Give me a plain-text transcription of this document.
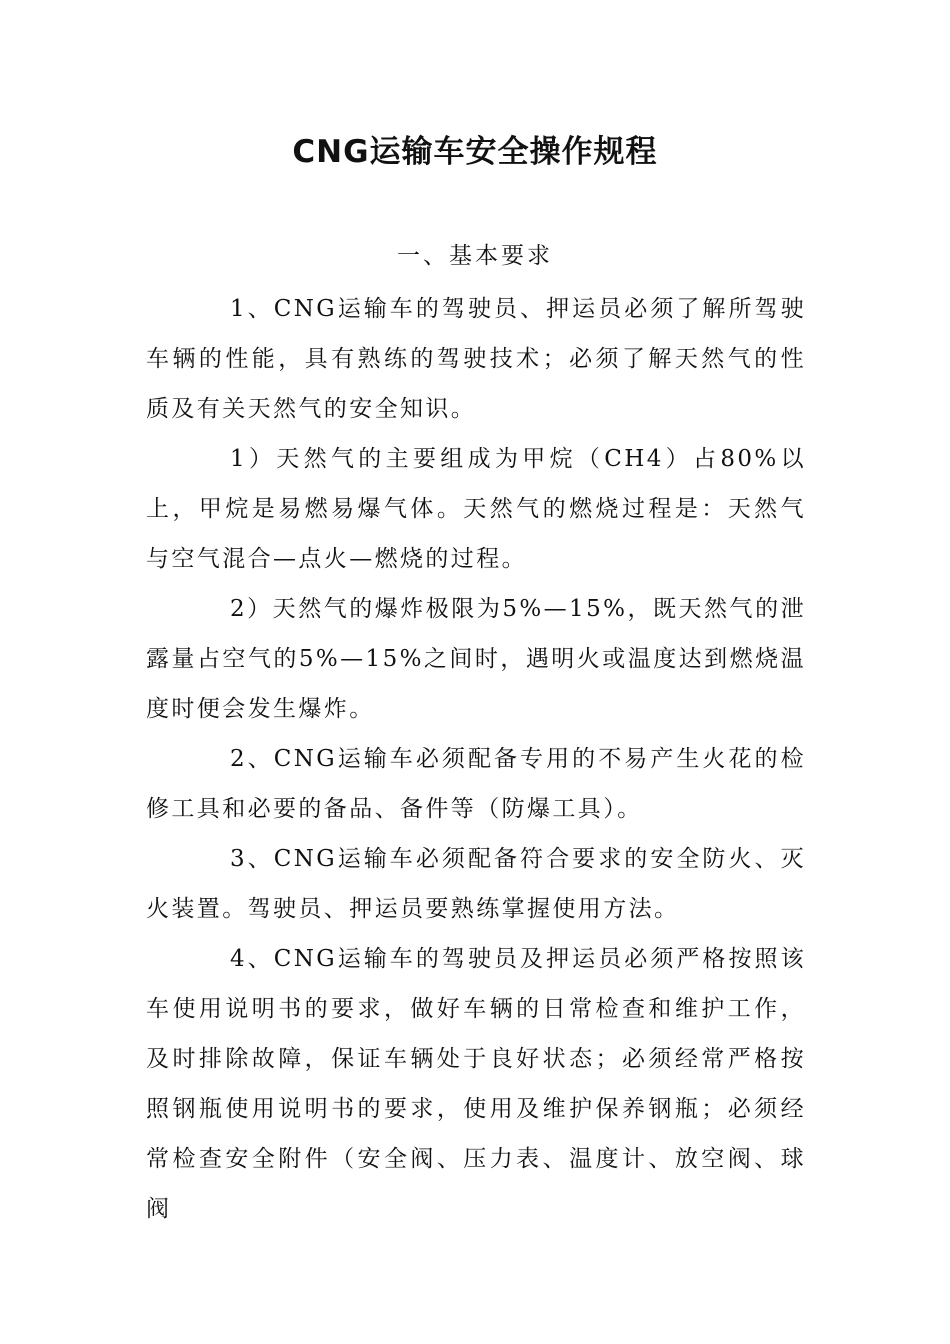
CNG运输车安全操作规程
一、基本要求

1、CNG运输车的驾驶员、押运员必须了解所驾驶车辆的性能，具有熟练的驾驶技术；必须了解天然气的性质及有关天然气的安全知识。

1）天然气的主要组成为甲烷（CH4）占80%以上，甲烷是易燃易爆气体。天然气的燃烧过程是：天然气与空气混合—点火—燃烧的过程。

2）天然气的爆炸极限为5%—15%，既天然气的泄露量占空气的5%—15%之间时，遇明火或温度达到燃烧温度时便会发生爆炸。

2、CNG运输车必须配备专用的不易产生火花的检修工具和必要的备品、备件等（防爆工具）。

3、CNG运输车必须配备符合要求的安全防火、灭火装置。驾驶员、押运员要熟练掌握使用方法。

4、CNG运输车的驾驶员及押运员必须严格按照该车使用说明书的要求，做好车辆的日常检查和维护工作，及时排除故障，保证车辆处于良好状态；必须经常严格按照钢瓶使用说明书的要求，使用及维护保养钢瓶；必须经常检查安全附件（安全阀、压力表、温度计、放空阀、球阀
